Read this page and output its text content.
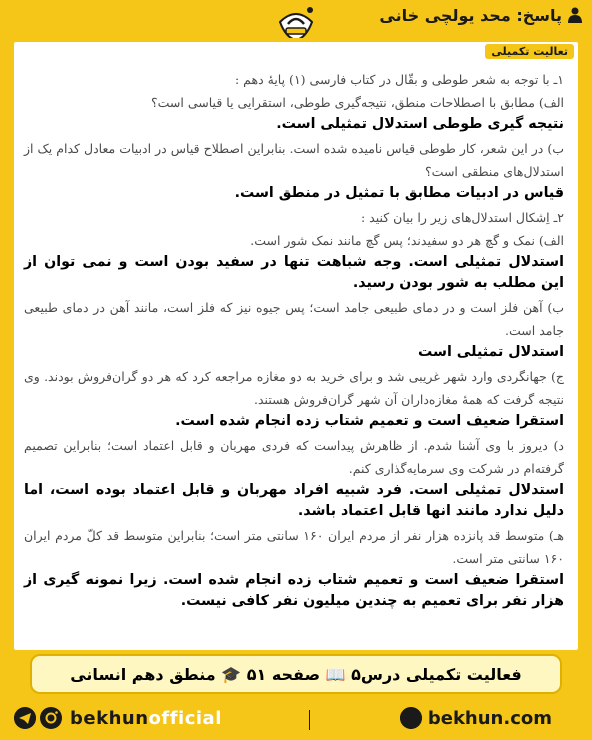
پاسخ: محد یولچی خانی
تعالیت تکمیلی

۱ـ با توجه به شعر طوطی و بقّال در کتاب فارسی (۱) پایهٔ دهم :

الف) مطابق با اصطلاحات منطق، نتیجه‌گیری طوطی، استقرایی یا قیاسی است؟

نتیجه گیری طوطی استدلال تمثیلی است.

ب) در این شعر، کار طوطی قیاس نامیده شده است. بنابراین اصطلاح قیاس در ادبیات معادل کدام یک از استدلال‌های منطقی است؟

قیاس در ادبیات مطابق با تمثیل در منطق است.

۲ـ اِشکال استدلال‌های زیر را بیان کنید :

الف) نمک و گچ هر دو سفیدند؛ پس گچ مانند نمک شور است.

استدلال تمثیلی است. وجه شباهت تنها در سفید بودن است و نمی توان از این مطلب به شور بودن رسید.

ب) آهن فلز است و در دمای طبیعی جامد است؛ پس جیوه نیز که فلز است، مانند آهن در دمای طبیعی جامد است.

استدلال تمثیلی است

ج) جهانگردی وارد شهر غریبی شد و برای خرید به دو مغازه مراجعه کرد که هر دو گران‌فروش بودند. وی نتیجه گرفت که همهٔ مغازه‌داران آن شهر گران‌فروش هستند.

استقرا ضعیف است و تعمیم شتاب زده انجام شده است.

د) دیروز با وی آشنا شدم. از ظاهرش پیداست که فردی مهربان و قابل اعتماد است؛ بنابراین تصمیم گرفته‌ام در شرکت وی سرمایه‌گذاری کنم.

استدلال تمثیلی است. فرد شبیه افراد مهربان و قابل اعتماد بوده است، اما دلیل ندارد مانند انها قابل اعتماد باشد.

هـ) متوسط قد پانزده هزار نفر از مردم ایران ۱۶۰ سانتی متر است؛ بنابراین متوسط قد کلّ مردم ایران ۱۶۰ سانتی متر است.

استقرا ضعیف است و تعمیم شتاب زده انجام شده است. زیرا نمونه گیری از هزار نفر برای تعمیم به چندین میلیون نفر کافی نیست.

فعالیت تکمیلی درس۵ 📖 صفحه ۵۱ 🎓 منطق دهم انسانی
bekhunofficial	bekhun.com
